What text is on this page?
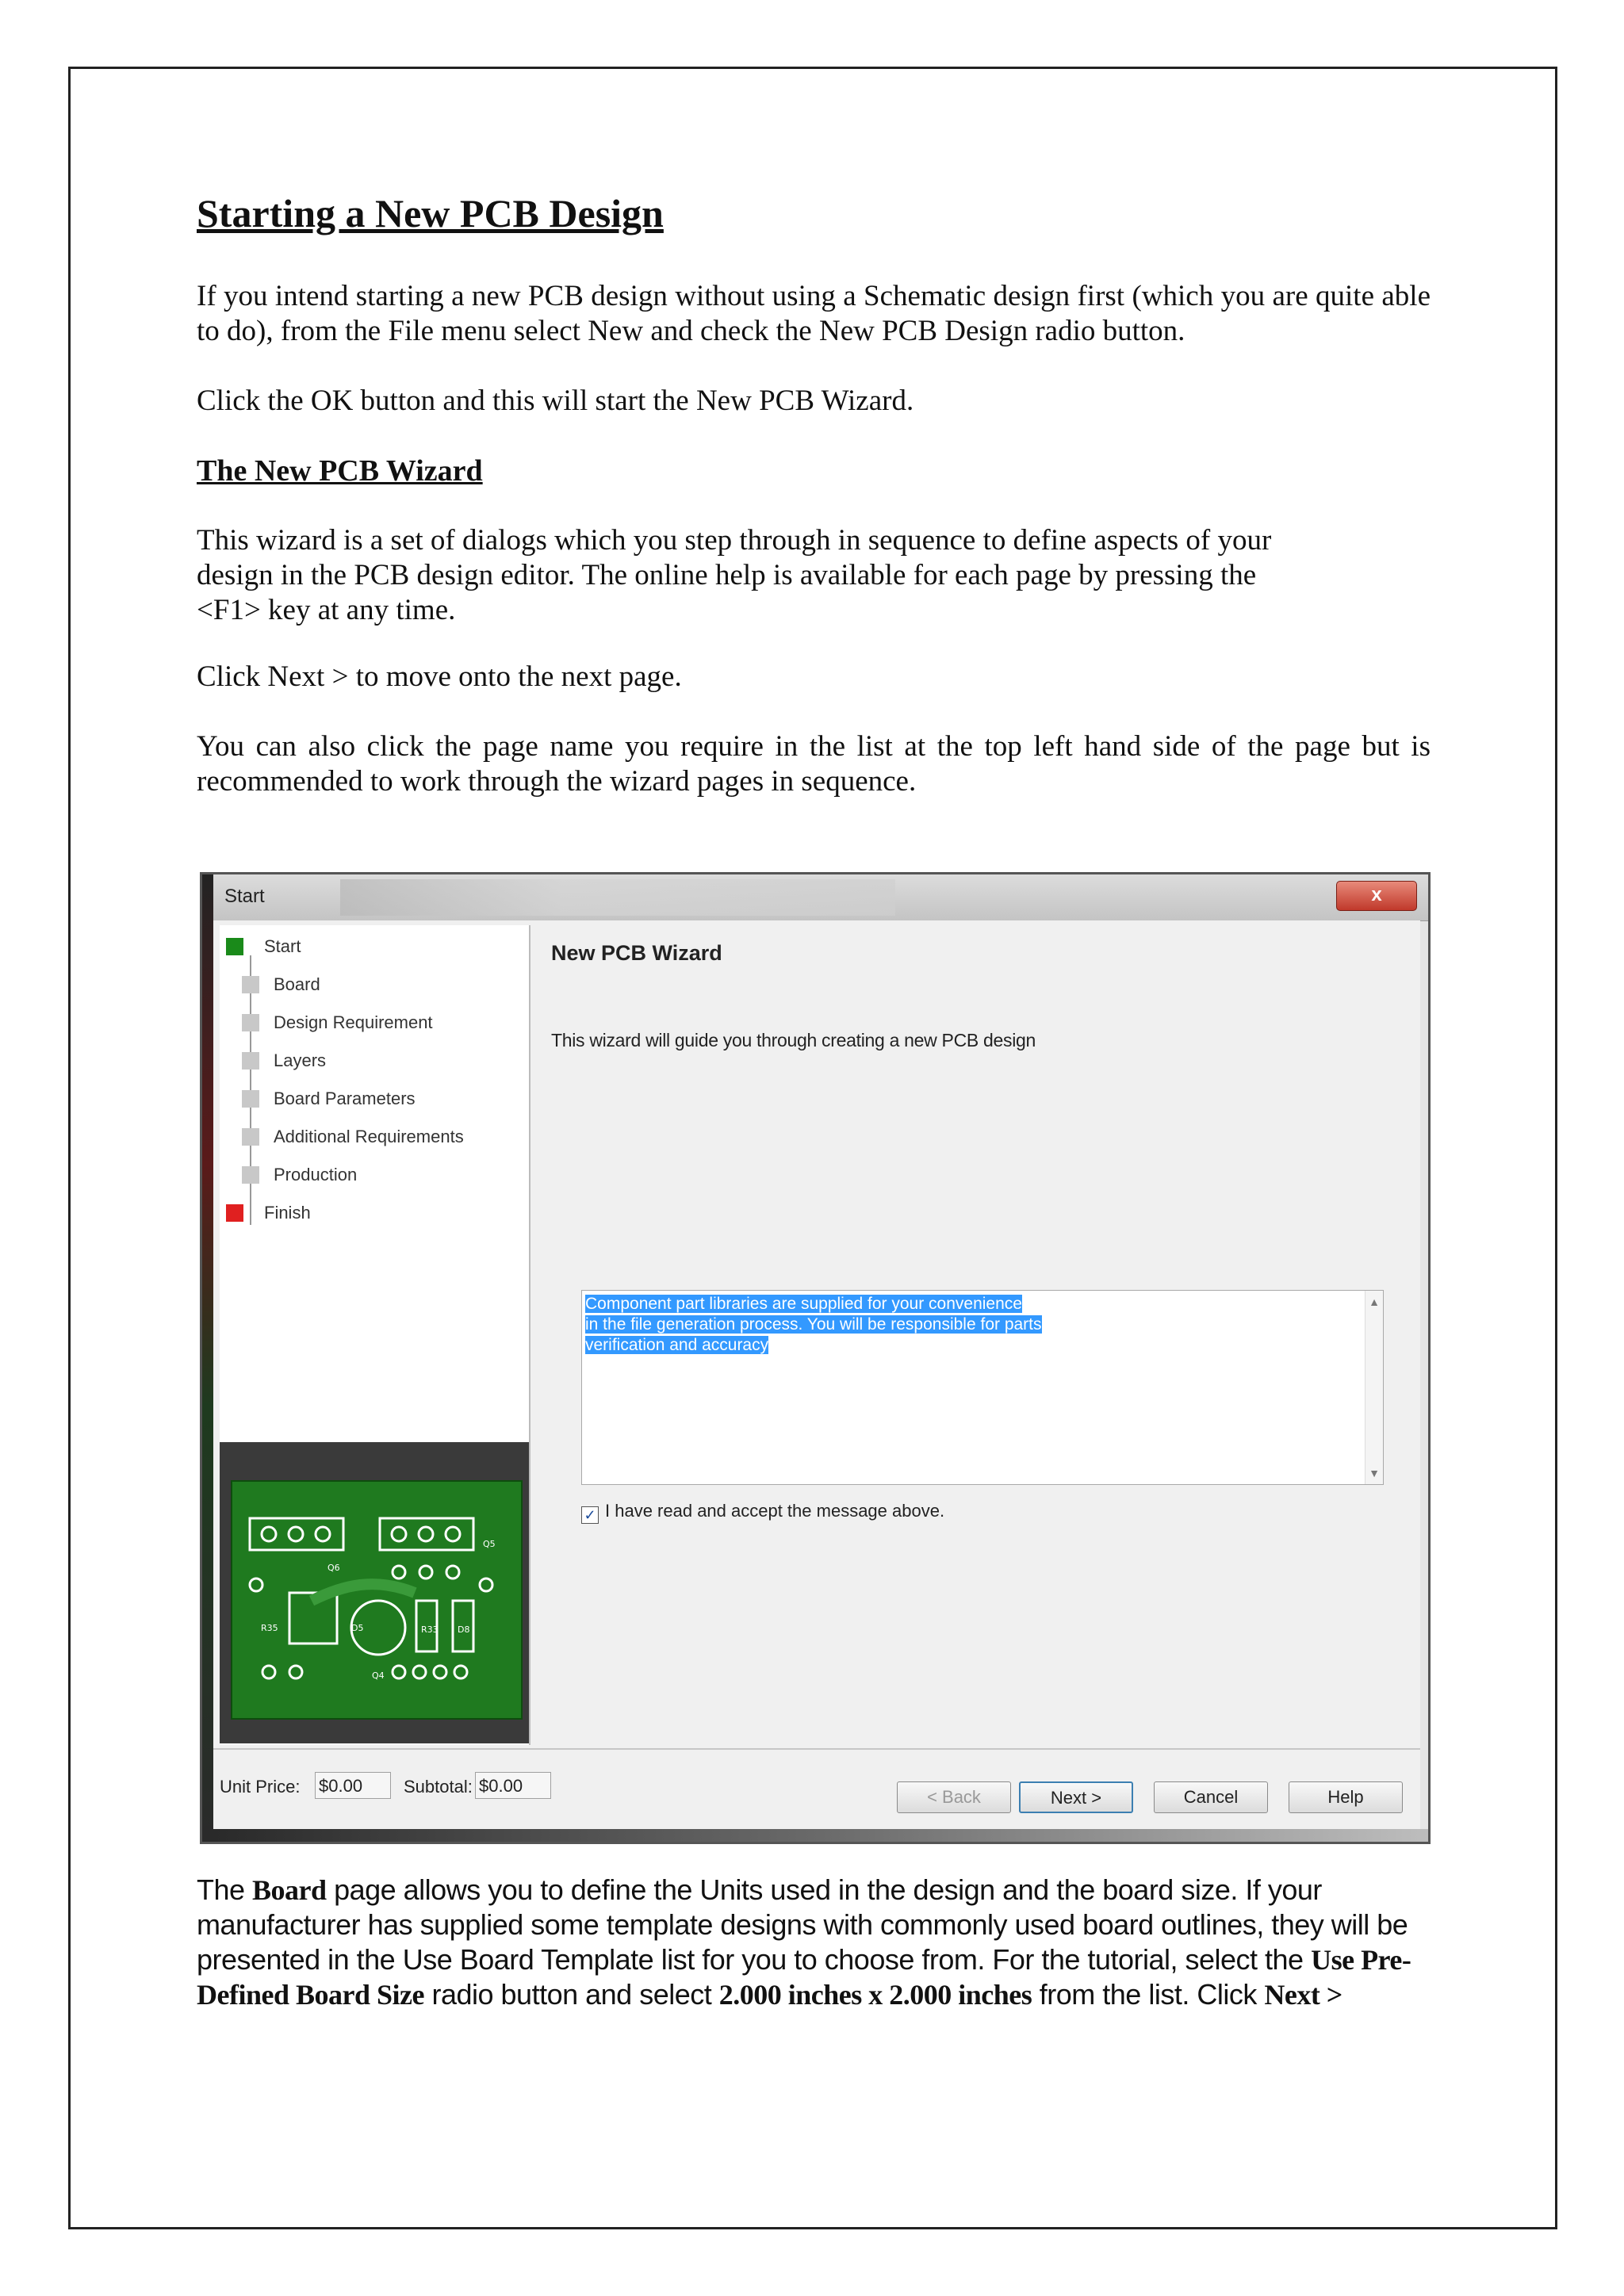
Starting a New PCB Design

If you intend starting a new PCB design without using a Schematic design first (which you are quite able to do), from the File menu select New and check the New PCB Design radio button.

Click the OK button and this will start the New PCB Wizard.

The New PCB Wizard

This wizard is a set of dialogs which you step through in sequence to define aspects of your
design in the PCB design editor. The online help is available for each page by pressing the
<F1> key at any time.

Click Next > to move onto the next page.

You can also click the page name you require in the list at the top left hand side of the page but is recommended to work through the wizard pages in sequence.

Start	x
Start
Board
Design Requirement
Layers
Board Parameters
Additional Requirements
Production
Finish
Q6
Q5
R35
Q4
R33 D8
D5
New PCB Wizard
This wizard will guide you through creating a new PCB design
Component part libraries are supplied for your convenience
in the file generation process. You will be responsible for parts
verification and accuracy
▲
▼
✓ I have read and accept the message above.
Unit Price: $0.00	Subtotal: $0.00
< Back	Next >	Cancel	Help

The Board page allows you to define the Units used in the design and the board size. If your manufacturer has supplied some template designs with commonly used board outlines, they will be presented in the Use Board Template list for you to choose from. For the tutorial, select the Use Pre-Defined Board Size radio button and select 2.000 inches x 2.000 inches from the list. Click Next >
